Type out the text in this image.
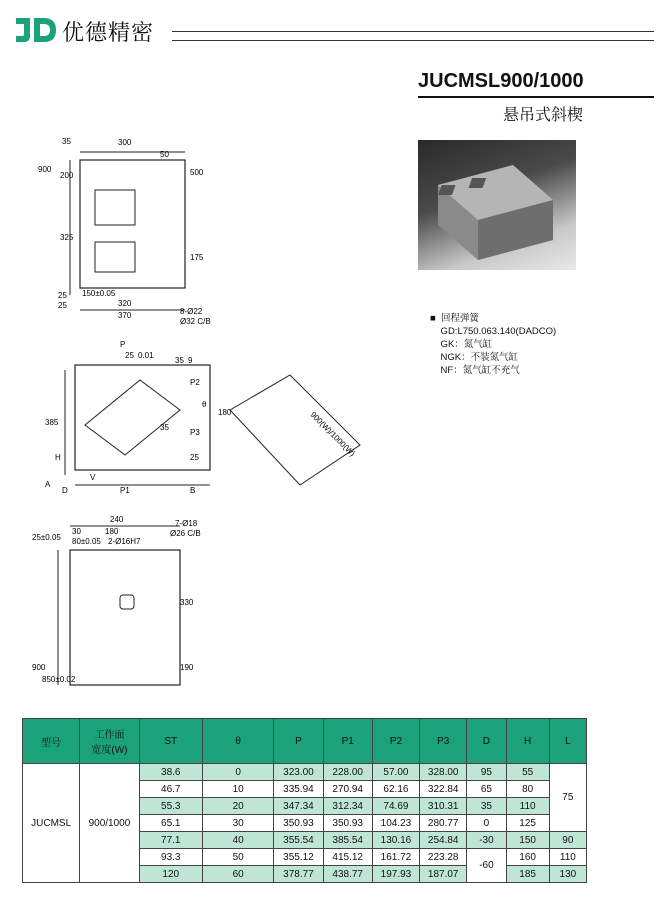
优德精密
JUCMSL900/1000
悬吊式斜楔
■  回程弹簧
GD:L750.063.140(DADCO)
GK：氮气缸
NGK：不装氮气缸
NF：氮气缸不充气
35	300
50
900
200	500
325
175
25
25
150±0.05
320
370	8-Ø22
Ø32 C/B
P
25 0.01
35 9
P2
385
θ
180
P3
25
H
35
V
D	P1
A
B
900(W)/1000(W)
240
30	180
25±0.05 80±0.05 2-Ø16H7
7-Ø18
Ø26 C/B
330
900
850±0.02
190
型号	工作面
宽度(W)	ST	θ	P	P1	P2	P3	D	H	L
JUCMSL	900/1000	38.6	0	323.00	228.00	57.00	328.00	95	55	75
		46.7	10	335.94	270.94	62.16	322.84	65	80	
		55.3	20	347.34	312.34	74.69	310.31	35	110	
		65.1	30	350.93	350.93	104.23	280.77	0	125	
		77.1	40	355.54	385.54	130.16	254.84	-30	150	90
		93.3	50	355.12	415.12	161.72	223.28	-60	160	110
		120	60	378.77	438.77	197.93	187.07		185	130
